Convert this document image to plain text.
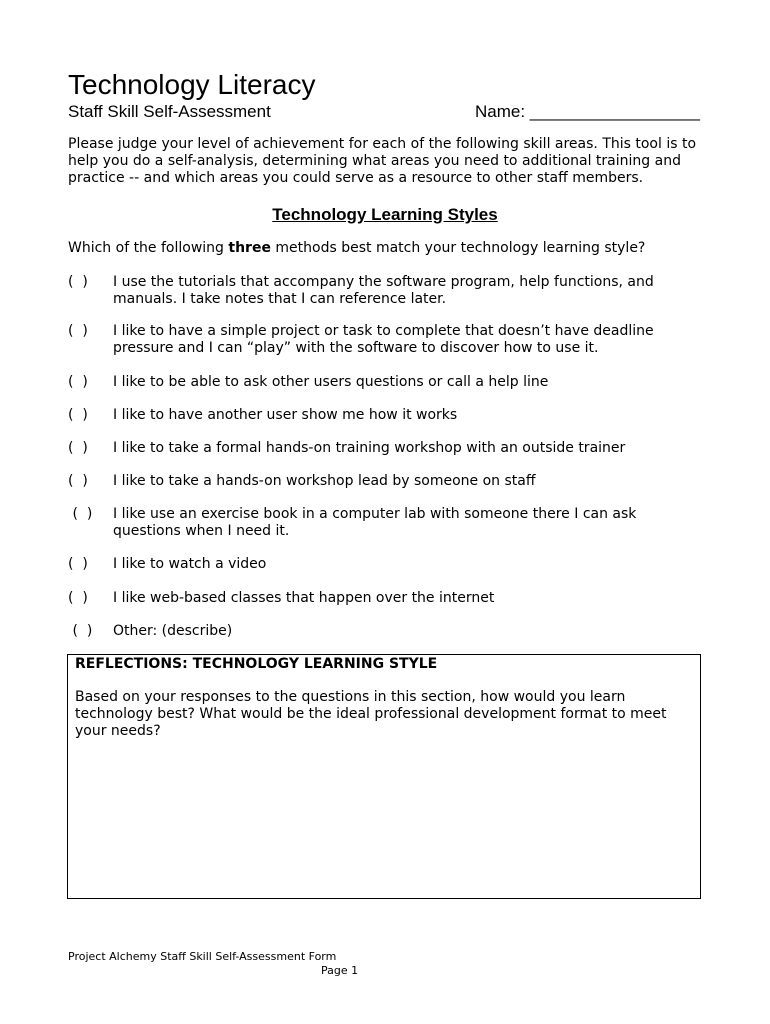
Technology Literacy
Staff Skill Self-Assessment	Name: __________________
Please judge your level of achievement for each of the following skill areas. This tool is to help you do a self-analysis, determining what areas you need to additional training and practice -- and which areas you could serve as a resource to other staff members.
Technology Learning Styles
Which of the following three methods best match your technology learning style?
(  ) I use the tutorials that accompany the software program, help functions, and manuals. I take notes that I can reference later.
(  ) I like to have a simple project or task to complete that doesn’t have deadline pressure and I can “play” with the software to discover how to use it.
(  ) I like to be able to ask other users questions or call a help line
(  ) I like to have another user show me how it works
(  ) I like to take a formal hands-on training workshop with an outside trainer
(  ) I like to take a hands-on workshop lead by someone on staff
(  ) I like use an exercise book in a computer lab with someone there I can ask questions when I need it.
(  ) I like to watch a video
(  ) I like web-based classes that happen over the internet
(  ) Other: (describe)
REFLECTIONS: TECHNOLOGY LEARNING STYLE
Based on your responses to the questions in this section, how would you learn technology best? What would be the ideal professional development format to meet your needs?
Project Alchemy Staff Skill Self-Assessment Form
Page 1
